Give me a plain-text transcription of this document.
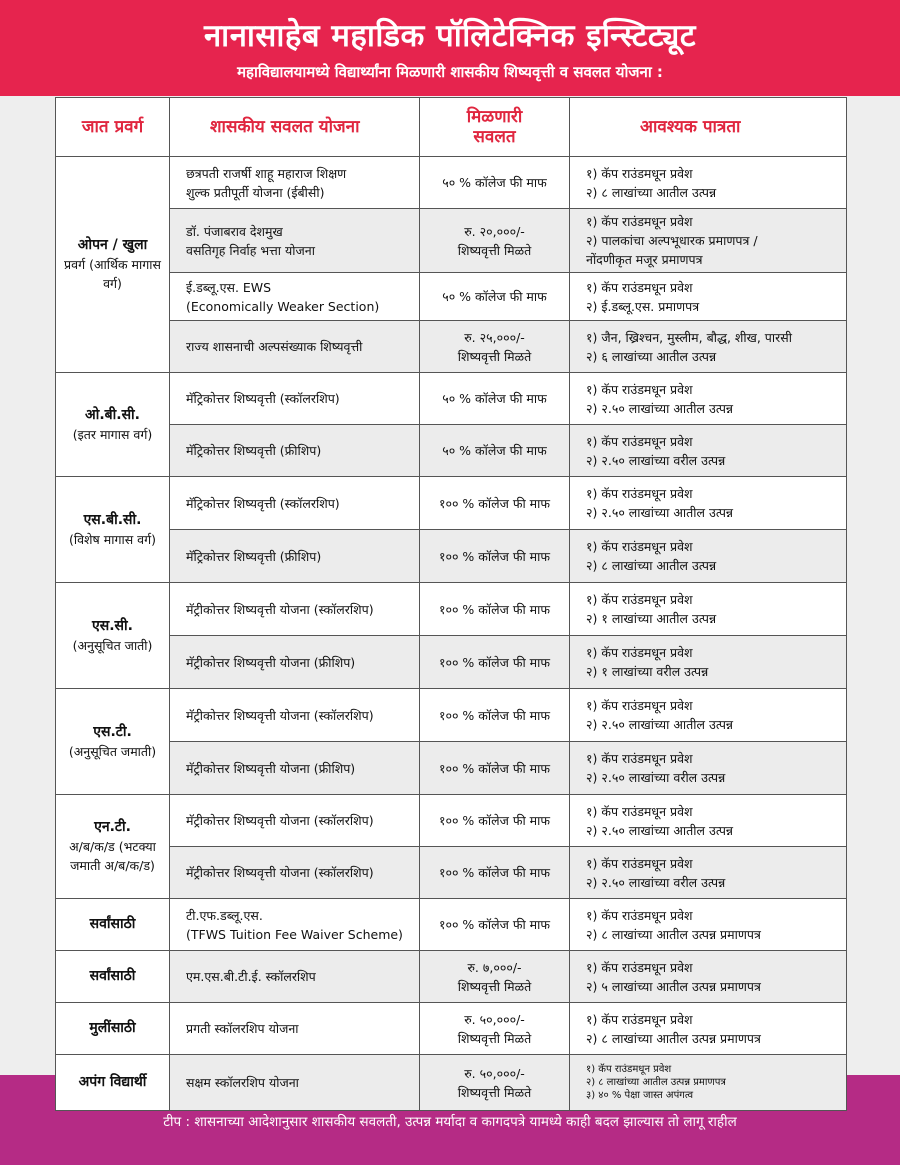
नानासाहेब महाडिक पॉलिटेक्निक इन्स्टिट्यूट
महाविद्यालयामध्ये विद्यार्थ्यांना मिळणारी शासकीय शिष्यवृत्ती व सवलत योजना :
जात प्रवर्ग	शासकीय सवलत योजना	मिळणारी
सवलत	आवश्यक पात्रता

ओपन / खुला
प्रवर्ग (आर्थिक मागास वर्ग)	छत्रपती राजर्षी शाहू महाराज शिक्षण
शुल्क प्रतीपूर्ती योजना (ईबीसी)	५० % कॉलेज फी माफ	१) कॅप राउंडमधून प्रवेश
२) ८ लाखांच्या आतील उत्पन्न

	डॉ. पंजाबराव देशमुख
वसतिगृह निर्वाह भत्ता योजना	रु. २०,०००/-
शिष्यवृत्ती मिळते	१) कॅप राउंडमधून प्रवेश
२) पालकांचा अल्पभूधारक प्रमाणपत्र /
नोंदणीकृत मजूर प्रमाणपत्र

	ई.डब्लू.एस. EWS
(Economically Weaker Section)	५० % कॉलेज फी माफ	१) कॅप राउंडमधून प्रवेश
२) ई.डब्लू.एस. प्रमाणपत्र

	राज्य शासनाची अल्पसंख्याक शिष्यवृत्ती	रु. २५,०००/-
शिष्यवृत्ती मिळते	१) जैन, ख्रिश्चन, मुस्लीम, बौद्ध, शीख, पारसी
२) ६ लाखांच्या आतील उत्पन्न

ओ.बी.सी.
(इतर मागास वर्ग)	मॅट्रिकोत्तर शिष्यवृत्ती (स्कॉलरशिप)	५० % कॉलेज फी माफ	१) कॅप राउंडमधून प्रवेश
२) २.५० लाखांच्या आतील उत्पन्न

	मॅट्रिकोत्तर शिष्यवृत्ती (फ्रीशिप)	५० % कॉलेज फी माफ	१) कॅप राउंडमधून प्रवेश
२) २.५० लाखांच्या वरील उत्पन्न

एस.बी.सी.
(विशेष मागास वर्ग)	मॅट्रिकोत्तर शिष्यवृत्ती (स्कॉलरशिप)	१०० % कॉलेज फी माफ	१) कॅप राउंडमधून प्रवेश
२) २.५० लाखांच्या आतील उत्पन्न

	मॅट्रिकोत्तर शिष्यवृत्ती (फ्रीशिप)	१०० % कॉलेज फी माफ	१) कॅप राउंडमधून प्रवेश
२) ८ लाखांच्या आतील उत्पन्न

एस.सी.
(अनुसूचित जाती)	मॅट्रीकोत्तर शिष्यवृत्ती योजना (स्कॉलरशिप)	१०० % कॉलेज फी माफ	१) कॅप राउंडमधून प्रवेश
२) १ लाखांच्या आतील उत्पन्न

	मॅट्रीकोत्तर शिष्यवृत्ती योजना (फ्रीशिप)	१०० % कॉलेज फी माफ	१) कॅप राउंडमधून प्रवेश
२) १ लाखांच्या वरील उत्पन्न

एस.टी.
(अनुसूचित जमाती)	मॅट्रीकोत्तर शिष्यवृत्ती योजना (स्कॉलरशिप)	१०० % कॉलेज फी माफ	१) कॅप राउंडमधून प्रवेश
२) २.५० लाखांच्या आतील उत्पन्न

	मॅट्रीकोत्तर शिष्यवृत्ती योजना (फ्रीशिप)	१०० % कॉलेज फी माफ	१) कॅप राउंडमधून प्रवेश
२) २.५० लाखांच्या वरील उत्पन्न

एन.टी.
अ/ब/क/ड (भटक्या जमाती अ/ब/क/ड)	मॅट्रीकोत्तर शिष्यवृत्ती योजना (स्कॉलरशिप)	१०० % कॉलेज फी माफ	१) कॅप राउंडमधून प्रवेश
२) २.५० लाखांच्या आतील उत्पन्न

	मॅट्रीकोत्तर शिष्यवृत्ती योजना (स्कॉलरशिप)	१०० % कॉलेज फी माफ	१) कॅप राउंडमधून प्रवेश
२) २.५० लाखांच्या वरील उत्पन्न

सर्वांसाठी	टी.एफ.डब्लू.एस.
(TFWS Tuition Fee Waiver Scheme)	१०० % कॉलेज फी माफ	१) कॅप राउंडमधून प्रवेश
२) ८ लाखांच्या आतील उत्पन्न प्रमाणपत्र

सर्वांसाठी	एम.एस.बी.टी.ई. स्कॉलरशिप	रु. ७,०००/-
शिष्यवृत्ती मिळते	१) कॅप राउंडमधून प्रवेश
२) ५ लाखांच्या आतील उत्पन्न प्रमाणपत्र

मुलींसाठी	प्रगती स्कॉलरशिप योजना	रु. ५०,०००/-
शिष्यवृत्ती मिळते	१) कॅप राउंडमधून प्रवेश
२) ८ लाखांच्या आतील उत्पन्न प्रमाणपत्र

अपंग विद्यार्थी	सक्षम स्कॉलरशिप योजना	रु. ५०,०००/-
शिष्यवृत्ती मिळते	१) कॅप राउंडमधून प्रवेश
२) ८ लाखांच्या आतील उत्पन्न प्रमाणपत्र
३) ४० % पेक्षा जास्त अपंगत्व
टीप : शासनाच्या आदेशानुसार शासकीय सवलती, उत्पन्न मर्यादा व कागदपत्रे यामध्ये काही बदल झाल्यास तो लागू राहील
